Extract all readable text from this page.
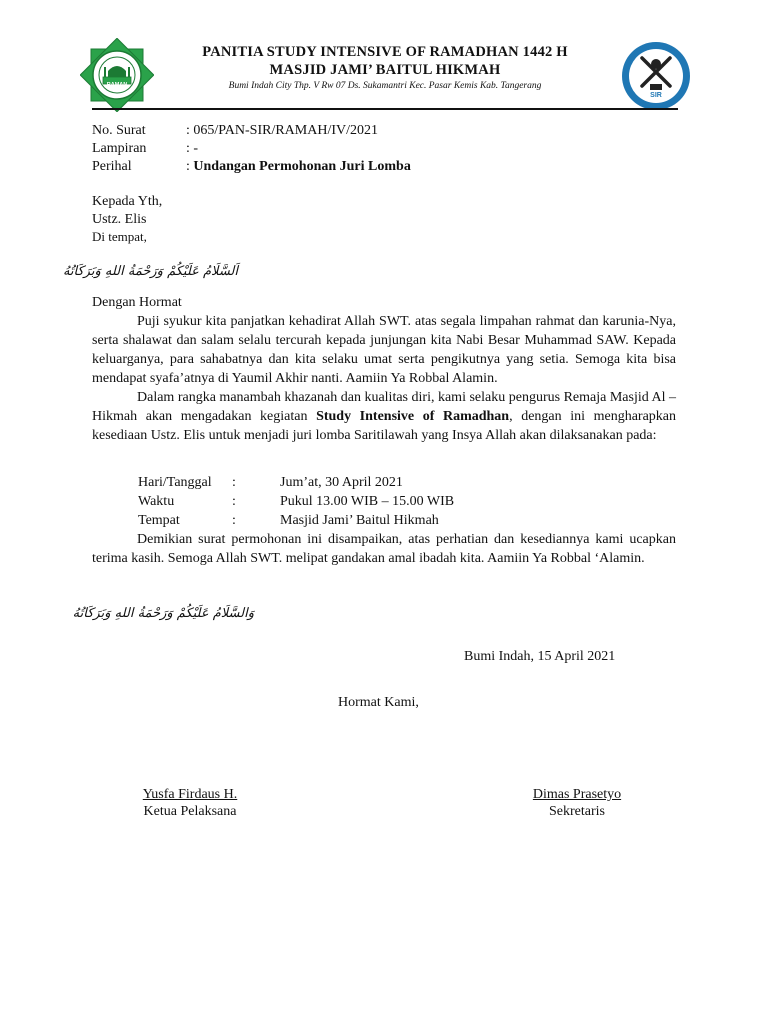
RAMAN
SIR
PANITIA STUDY INTENSIVE OF RAMADHAN 1442 H
MASJID JAMI’ BAITUL HIKMAH
Bumi Indah City Thp. V Rw 07 Ds. Sukamantri Kec. Pasar Kemis Kab. Tangerang
No. Surat	: 065/PAN-SIR/RAMAH/IV/2021
Lampiran	: -
Perihal	: Undangan Permohonan Juri Lomba
Kepada Yth,
Ustz. Elis
Di tempat,
اَلسَّلَامُ عَلَيْكُمْ وَرَحْمَةُ اللهِ وَبَرَكَاتُهُ
Dengan Hormat

Puji syukur kita panjatkan kehadirat Allah SWT. atas segala limpahan rahmat dan karunia-Nya, serta shalawat dan salam selalu tercurah kepada junjungan kita Nabi Besar Muhammad SAW. Kepada keluarganya, para sahabatnya dan kita selaku umat serta pengikutnya yang setia. Semoga kita bisa mendapat syafa’atnya di Yaumil Akhir nanti. Aamiin Ya Robbal Alamin.

Dalam rangka manambah khazanah dan kualitas diri, kami selaku pengurus Remaja Masjid Al – Hikmah akan mengadakan kegiatan Study Intensive of Ramadhan, dengan ini mengharapkan kesediaan Ustz. Elis untuk menjadi juri lomba Saritilawah yang Insya Allah akan dilaksanakan pada:

Hari/Tanggal :	Jum’at, 30 April 2021
Waktu	:	Pukul 13.00 WIB – 15.00 WIB
Tempat	:	Masjid Jami’ Baitul Hikmah

Demikian surat permohonan ini disampaikan, atas perhatian dan kesediannya kami ucapkan terima kasih. Semoga Allah SWT. melipat gandakan amal ibadah kita. Aamiin Ya Robbal ‘Alamin.

وَالسَّلَامُ عَلَيْكُمْ وَرَحْمَةُ اللهِ وَبَرَكَاتُهُ
Bumi Indah, 15 April 2021
Hormat Kami,
Yusfa Firdaus H.
Ketua Pelaksana
Dimas Prasetyo
Sekretaris
